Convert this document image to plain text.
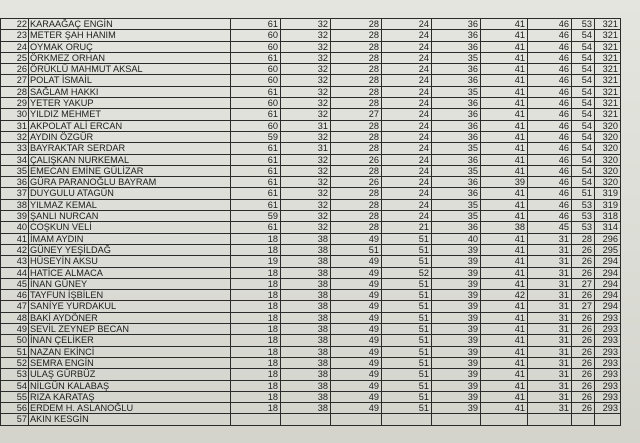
22	KARAAĞAÇ ENGİN	61	32	28	24	36	41	46	53	321
23	METER ŞAH HANIM	60	32	28	24	36	41	46	54	321
24	OYMAK ORUÇ	60	32	28	24	36	41	46	54	321
25	ÖRKMEZ ORHAN	61	32	28	24	35	41	46	54	321
26	ÖRÜKLÜ MAHMUT AKSAL	60	32	28	24	36	41	46	54	321
27	POLAT İSMAİL	60	32	28	24	36	41	46	54	321
28	SAĞLAM HAKKI	61	32	28	24	35	41	46	54	321
29	YETER YAKUP	60	32	28	24	36	41	46	54	321
30	YILDIZ MEHMET	61	32	27	24	36	41	46	54	321
31	AKPOLAT ALİ ERCAN	60	31	28	24	36	41	46	54	320
32	AYDIN ÖZGÜR	59	32	28	24	36	41	46	54	320
33	BAYRAKTAR SERDAR	61	31	28	24	35	41	46	54	320
34	ÇALIŞKAN NURKEMAL	61	32	26	24	36	41	46	54	320
35	EMECAN EMİNE GÜLİZAR	61	32	28	24	35	41	46	54	320
36	GÜRA PARANOĞLU BAYRAM	61	32	26	24	36	39	46	54	320
37	DUYGULU ATAGÜN	61	32	28	24	36	41	46	51	319
38	YILMAZ KEMAL	61	32	28	24	35	41	46	53	319
39	ŞANLI NURCAN	59	32	28	24	35	41	46	53	318
40	COŞKUN VELİ	61	32	28	21	36	38	45	53	314
41	İMAM AYDIN	18	38	49	51	40	41	31	28	296
42	GÜNEY YEŞİLDAĞ	18	38	51	51	39	41	31	26	295
43	HÜSEYİN AKSU	19	38	49	51	39	41	31	26	294
44	HATİCE ALMACA	18	38	49	52	39	41	31	26	294
45	İNAN GÜNEY	18	38	49	51	39	41	31	27	294
46	TAYFUN İŞBİLEN	18	38	49	51	39	42	31	26	294
47	SANİYE YURDAKUL	18	38	49	51	39	41	31	27	294
48	BAKİ AYDÖNER	18	38	49	51	39	41	31	26	293
49	SEVİL ZEYNEP BECAN	18	38	49	51	39	41	31	26	293
50	İNAN ÇELİKER	18	38	49	51	39	41	31	26	293
51	NAZAN EKİNCİ	18	38	49	51	39	41	31	26	293
52	SEMRA ENGİN	18	38	49	51	39	41	31	26	293
53	ULAŞ GÜRBÜZ	18	38	49	51	39	41	31	26	293
54	NİLGÜN KALABAŞ	18	38	49	51	39	41	31	26	293
55	RIZA KARATAŞ	18	38	49	51	39	41	31	26	293
56	ERDEM H. ASLANOĞLU	18	38	49	51	39	41	31	26	293
57	AKIN KESGİN									
